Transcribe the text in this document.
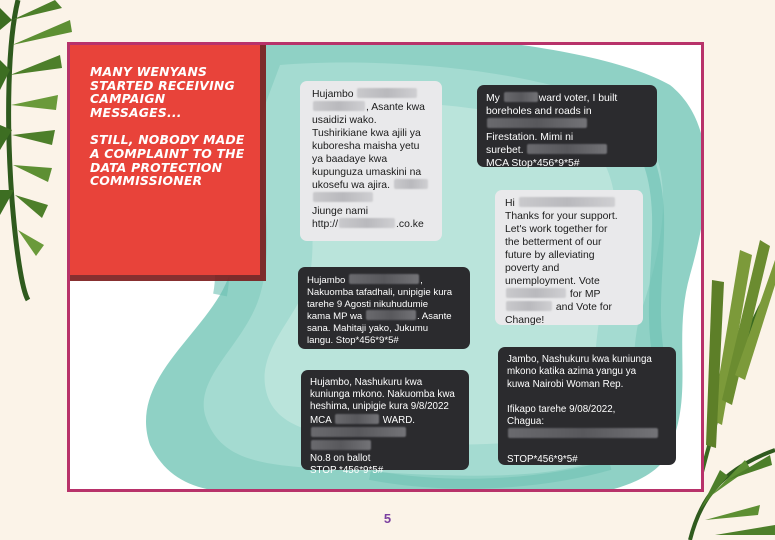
MANY WENYANS STARTED RECEIVING CAMPAIGN MESSAGES...

STILL, NOBODY MADE A COMPLAINT TO THE DATA PROTECTION COMMISSIONER

Hujambo
, Asante kwa
usaidizi wako.
Tushirikiane kwa ajili ya
kuboresha maisha yetu
ya baadaye kwa
kupunguza umaskini na
ukosefu wa ajira.
Jiunge nami
http://	.co.ke
My	ward voter, I built
boreholes and roads in
Firestation. Mimi ni
surebet.
MCA Stop*456*9*5#
Hi
Thanks for your support.
Let's work together for
the betterment of our
future by alleviating
poverty and
unemployment. Vote
for MP
and Vote for
Change!
Hujambo	,
Nakuomba tafadhali, unipigie kura
tarehe 9 Agosti nikuhudumie
kama MP wa	. Asante
sana. Mahitaji yako, Jukumu
langu. Stop*456*9*5#
Hujambo, Nashukuru kwa
kuniunga mkono. Nakuomba kwa
heshima, unipigie kura 9/8/2022
MCA	WARD.
No.8 on ballot
STOP *456*9*5#
Jambo, Nashukuru kwa kuniunga
mkono katika azima yangu ya
kuwa Nairobi Woman Rep.

Ifikapo tarehe 9/08/2022,
Chagua:

STOP*456*9*5#
5
